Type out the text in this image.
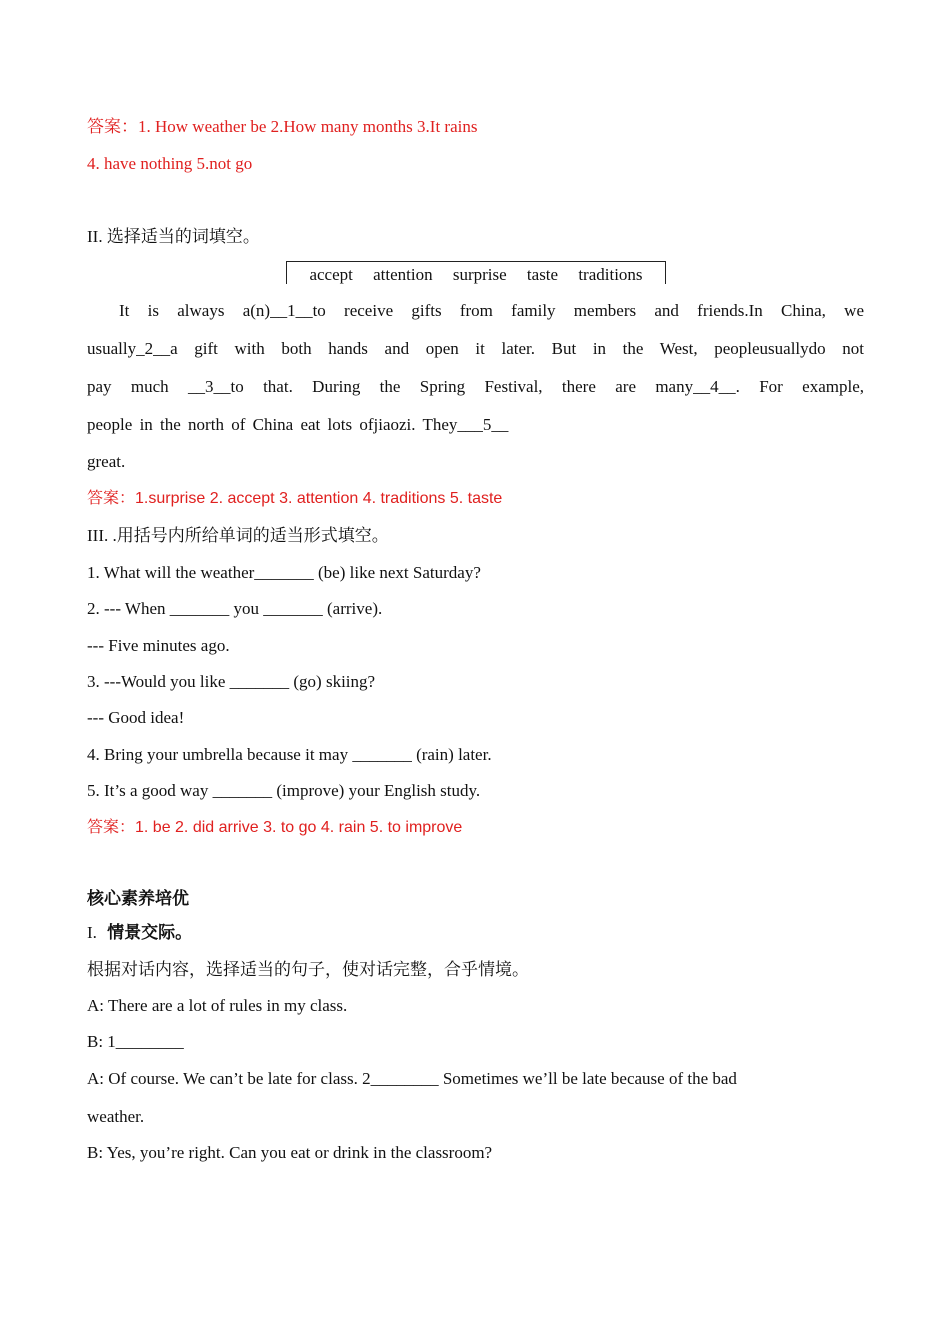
答案：1. How weather be 2.How many months 3.It rains
4. have nothing 5.not go
II. 选择适当的词填空。
accept attention surprise taste traditions
It is always a(n)__1__to receive gifts from family members and friends.In China, we
usually_2__a gift with both hands and open it later. But in the West, peopleusuallydo not
pay much __3__to that. During the Spring Festival, there are many__4__. For example,
people in the north of China eat lots ofjiaozi. They___5__
great.
答案：1.surprise 2. accept 3. attention 4. traditions 5. taste
III. .用括号内所给单词的适当形式填空。
1. What will the weather_______ (be) like next Saturday?
2. --- When _______ you _______ (arrive).
--- Five minutes ago.
3. ---Would you like _______ (go) skiing?
--- Good idea!
4. Bring your umbrella because it may _______ (rain) later.
5. It’s a good way _______ (improve) your English study.
答案：1. be 2. did arrive 3. to go 4. rain 5. to improve
核心素养培优
I. 情景交际。
根据对话内容，选择适当的句子，使对话完整，合乎情境。
A: There are a lot of rules in my class.
B: 1________
A: Of course. We can’t be late for class. 2________ Sometimes we’ll be late because of the bad
weather.
B: Yes, you’re right. Can you eat or drink in the classroom?
